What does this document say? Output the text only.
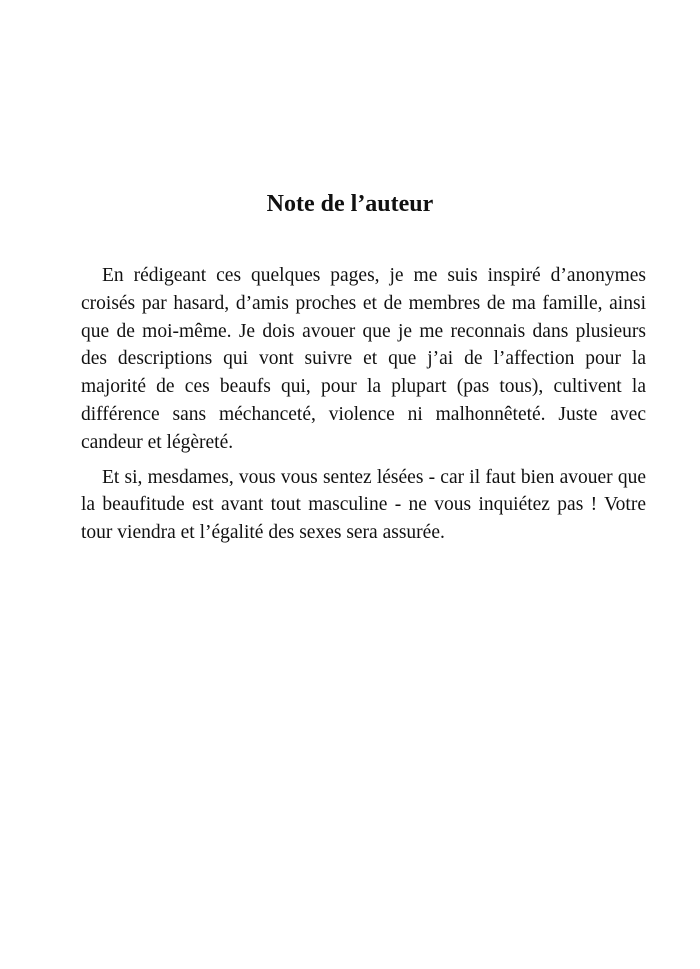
Note de l’auteur

En rédigeant ces quelques pages, je me suis inspiré d’anonymes croisés par hasard, d’amis proches et de membres de ma famille, ainsi que de moi-même. Je dois avouer que je me reconnais dans plusieurs des descriptions qui vont suivre et que j’ai de l’affection pour la majorité de ces beaufs qui, pour la plupart (pas tous), cultivent la différence sans méchanceté, violence ni malhonnêteté. Juste avec candeur et légèreté.

Et si, mesdames, vous vous sentez lésées - car il faut bien avouer que la beaufitude est avant tout masculine - ne vous inquiétez pas ! Votre tour viendra et l’égalité des sexes sera assurée.
